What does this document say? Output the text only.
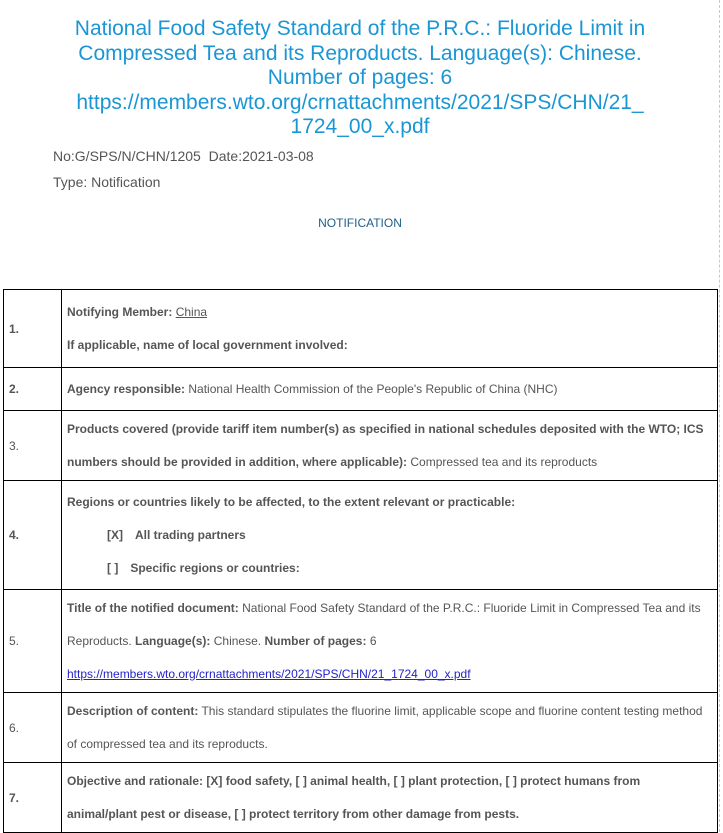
National Food Safety Standard of the P.R.C.: Fluoride Limit in
Compressed Tea and its Reproducts. Language(s): Chinese.
Number of pages: 6
https://members.wto.org/crnattachments/2021/SPS/CHN/21_
1724_00_x.pdf
No:G/SPS/N/CHN/1205 Date:2021-03-08
Type: Notification
NOTIFICATION
1.	Notifying Member: China
If applicable, name of local government involved:

2.	Agency responsible: National Health Commission of the People's Republic of China (NHC)
3.	Products covered (provide tariff item number(s) as specified in national schedules deposited with the WTO; ICS numbers should be provided in addition, where applicable): Compressed tea and its reproducts
4.	Regions or countries likely to be affected, to the extent relevant or practicable:
[X] All trading partners
[ ] Specific regions or countries:

5.	Title of the notified document: National Food Safety Standard of the P.R.C.: Fluoride Limit in Compressed Tea and its Reproducts. Language(s): Chinese. Number of pages: 6
https://members.wto.org/crnattachments/2021/SPS/CHN/21_1724_00_x.pdf

6.	Description of content: This standard stipulates the fluorine limit, applicable scope and fluorine content testing method of compressed tea and its reproducts.
7.	Objective and rationale: [X] food safety, [ ] animal health, [ ] plant protection, [ ] protect humans from animal/plant pest or disease, [ ] protect territory from other damage from pests.
